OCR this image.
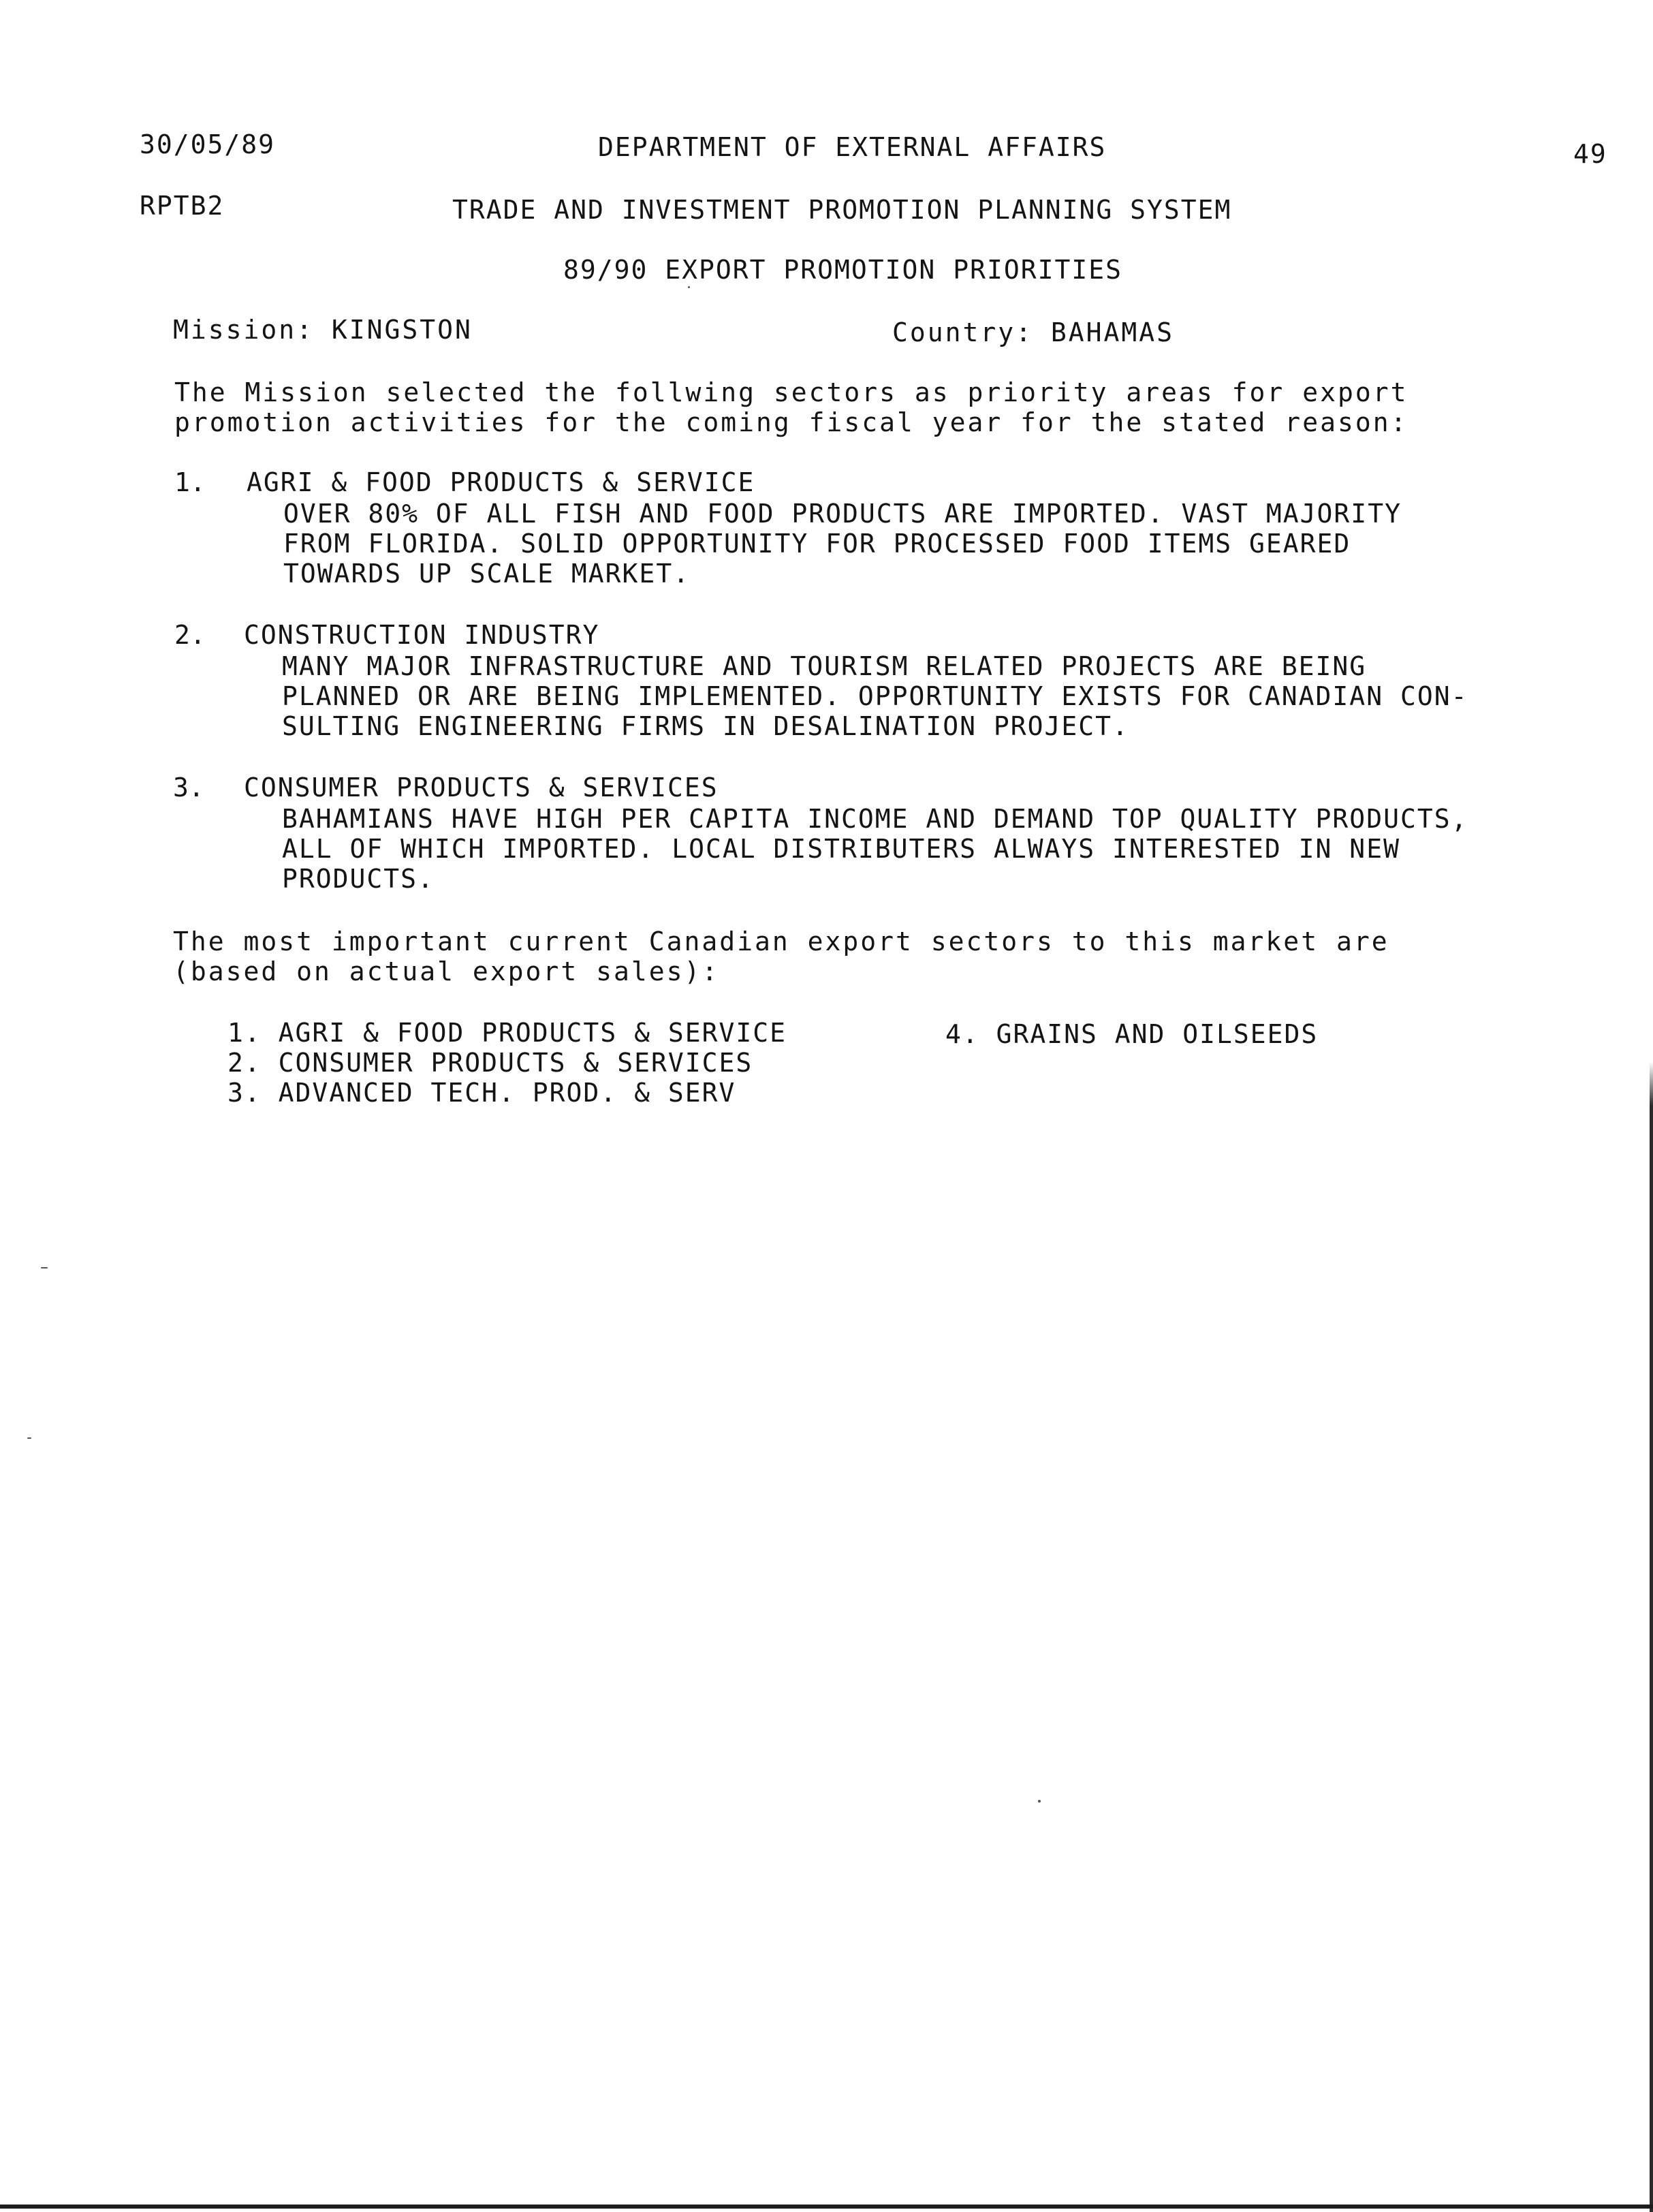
30/05/89	DEPARTMENT OF EXTERNAL AFFAIRS	49
RPTB2	TRADE AND INVESTMENT PROMOTION PLANNING SYSTEM
89/90 EXPORT PROMOTION PRIORITIES
Mission: KINGSTON	Country: BAHAMAS
The Mission selected the follwing sectors as priority areas for export
promotion activities for the coming fiscal year for the stated reason:
1. AGRI & FOOD PRODUCTS & SERVICE
OVER 80% OF ALL FISH AND FOOD PRODUCTS ARE IMPORTED. VAST MAJORITY
FROM FLORIDA. SOLID OPPORTUNITY FOR PROCESSED FOOD ITEMS GEARED
TOWARDS UP SCALE MARKET.
2. CONSTRUCTION INDUSTRY
MANY MAJOR INFRASTRUCTURE AND TOURISM RELATED PROJECTS ARE BEING
PLANNED OR ARE BEING IMPLEMENTED. OPPORTUNITY EXISTS FOR CANADIAN CON-
SULTING ENGINEERING FIRMS IN DESALINATION PROJECT.
3. CONSUMER PRODUCTS & SERVICES
BAHAMIANS HAVE HIGH PER CAPITA INCOME AND DEMAND TOP QUALITY PRODUCTS,
ALL OF WHICH IMPORTED. LOCAL DISTRIBUTERS ALWAYS INTERESTED IN NEW
PRODUCTS.
The most important current Canadian export sectors to this market are
(based on actual export sales):
1. AGRI & FOOD PRODUCTS & SERVICE
2. CONSUMER PRODUCTS & SERVICES
3. ADVANCED TECH. PROD. & SERV
4. GRAINS AND OILSEEDS
